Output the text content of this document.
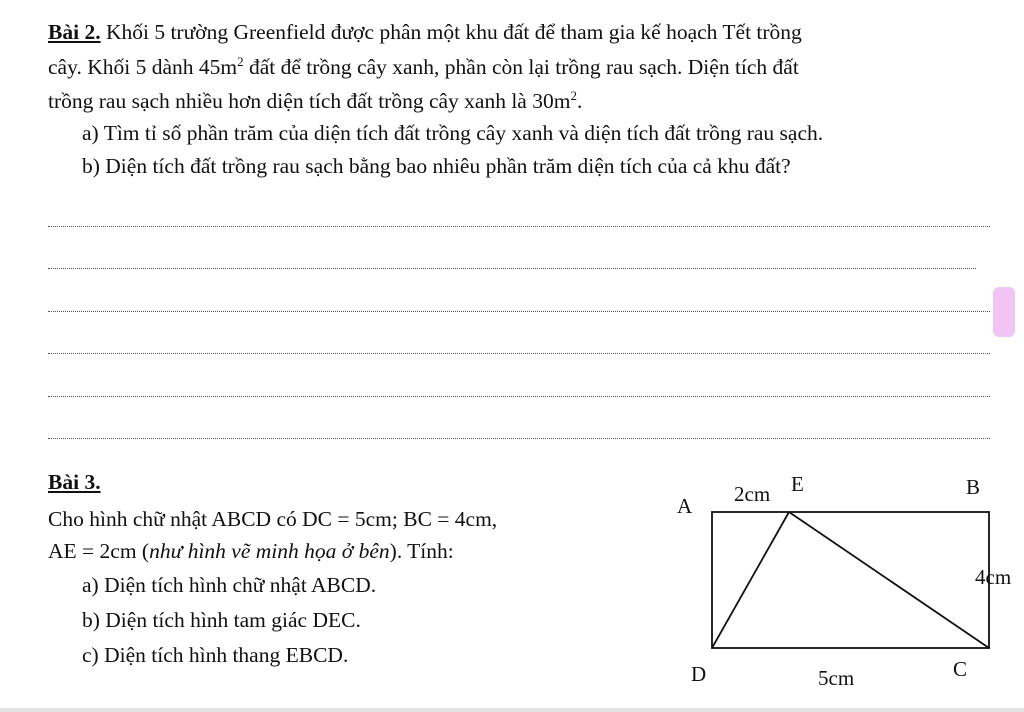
Bài 2. Khối 5 trường Greenfield được phân một khu đất để tham gia kế hoạch Tết trồng
cây. Khối 5 dành $45m^2$ đất để trồng cây xanh, phần còn lại trồng rau sạch. Diện tích đất
trồng rau sạch nhiều hơn diện tích đất trồng cây xanh là $30m^2$.
a) Tìm tỉ số phần trăm của diện tích đất trồng cây xanh và diện tích đất trồng rau sạch.
b) Diện tích đất trồng rau sạch bằng bao nhiêu phần trăm diện tích của cả khu đất?
Bài 3.
Cho hình chữ nhật ABCD có DC = 5cm; BC = 4cm,
AE = 2cm (như hình vẽ minh họa ở bên). Tính:
a) Diện tích hình chữ nhật ABCD.
b) Diện tích hình tam giác DEC.
c) Diện tích hình thang EBCD.
A
E	B
D	C
2cm
4cm
5cm
